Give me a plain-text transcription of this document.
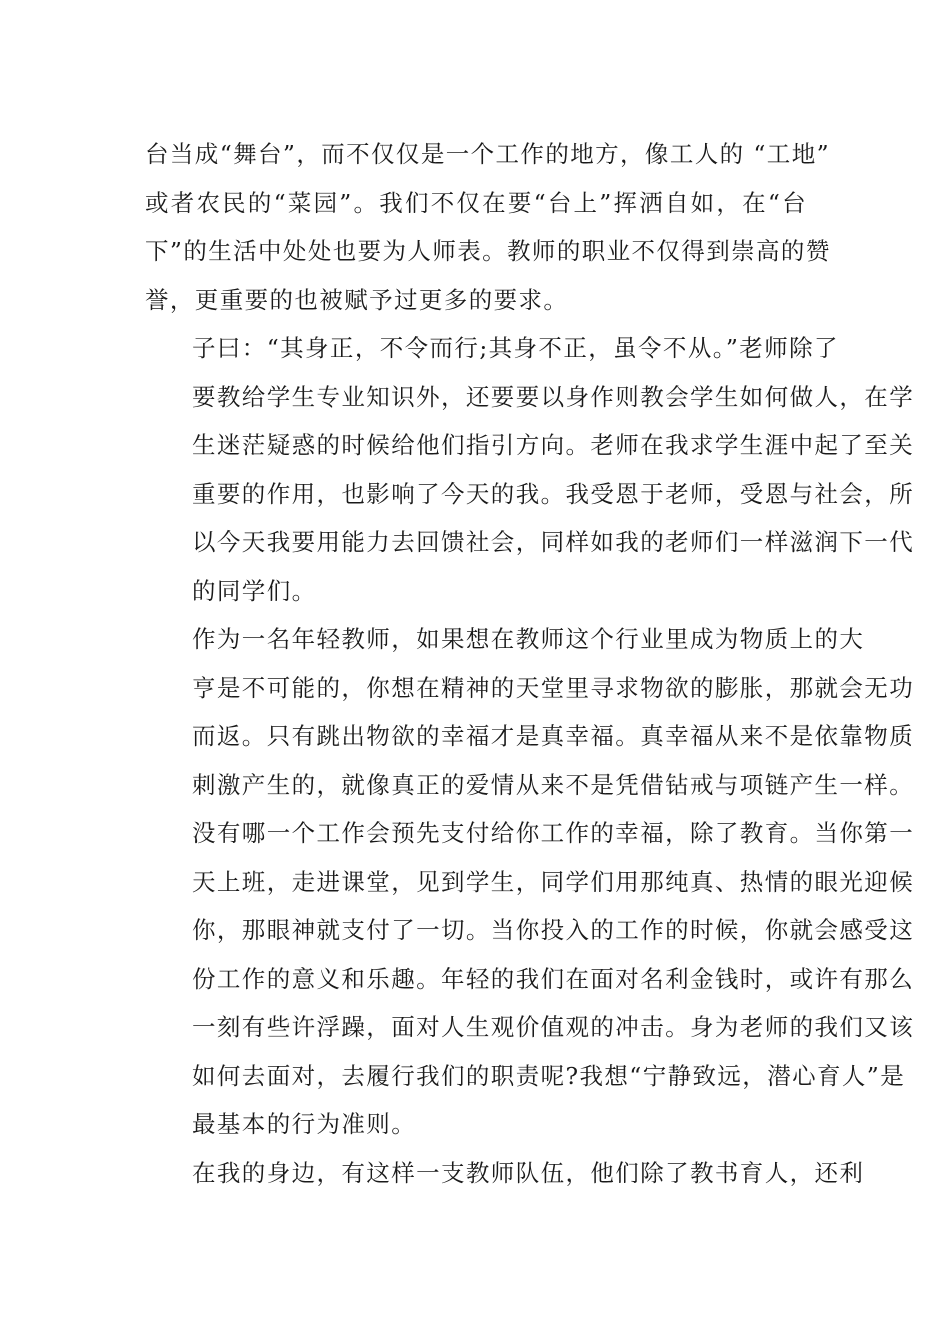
台当成“舞台”，而不仅仅是一个工作的地方，像工人的 “工地”
或者农民的“菜园”。我们不仅在要“台上”挥洒自如，在“台
下”的生活中处处也要为人师表。教师的职业不仅得到崇高的赞
誉，更重要的也被赋予过更多的要求。
子曰：“其身正，不令而行;其身不正，虽令不从。”老师除了
要教给学生专业知识外，还要要以身作则教会学生如何做人，在学
生迷茫疑惑的时候给他们指引方向。老师在我求学生涯中起了至关
重要的作用，也影响了今天的我。我受恩于老师，受恩与社会，所
以今天我要用能力去回馈社会，同样如我的老师们一样滋润下一代
的同学们。
作为一名年轻教师，如果想在教师这个行业里成为物质上的大
亨是不可能的，你想在精神的天堂里寻求物欲的膨胀，那就会无功
而返。只有跳出物欲的幸福才是真幸福。真幸福从来不是依靠物质
刺激产生的，就像真正的爱情从来不是凭借钻戒与项链产生一样。
没有哪一个工作会预先支付给你工作的幸福，除了教育。当你第一
天上班，走进课堂，见到学生，同学们用那纯真、热情的眼光迎候
你，那眼神就支付了一切。当你投入的工作的时候，你就会感受这
份工作的意义和乐趣。年轻的我们在面对名利金钱时，或许有那么
一刻有些许浮躁，面对人生观价值观的冲击。身为老师的我们又该
如何去面对，去履行我们的职责呢?我想“宁静致远，潜心育人”是
最基本的行为准则。
在我的身边，有这样一支教师队伍，他们除了教书育人，还利
